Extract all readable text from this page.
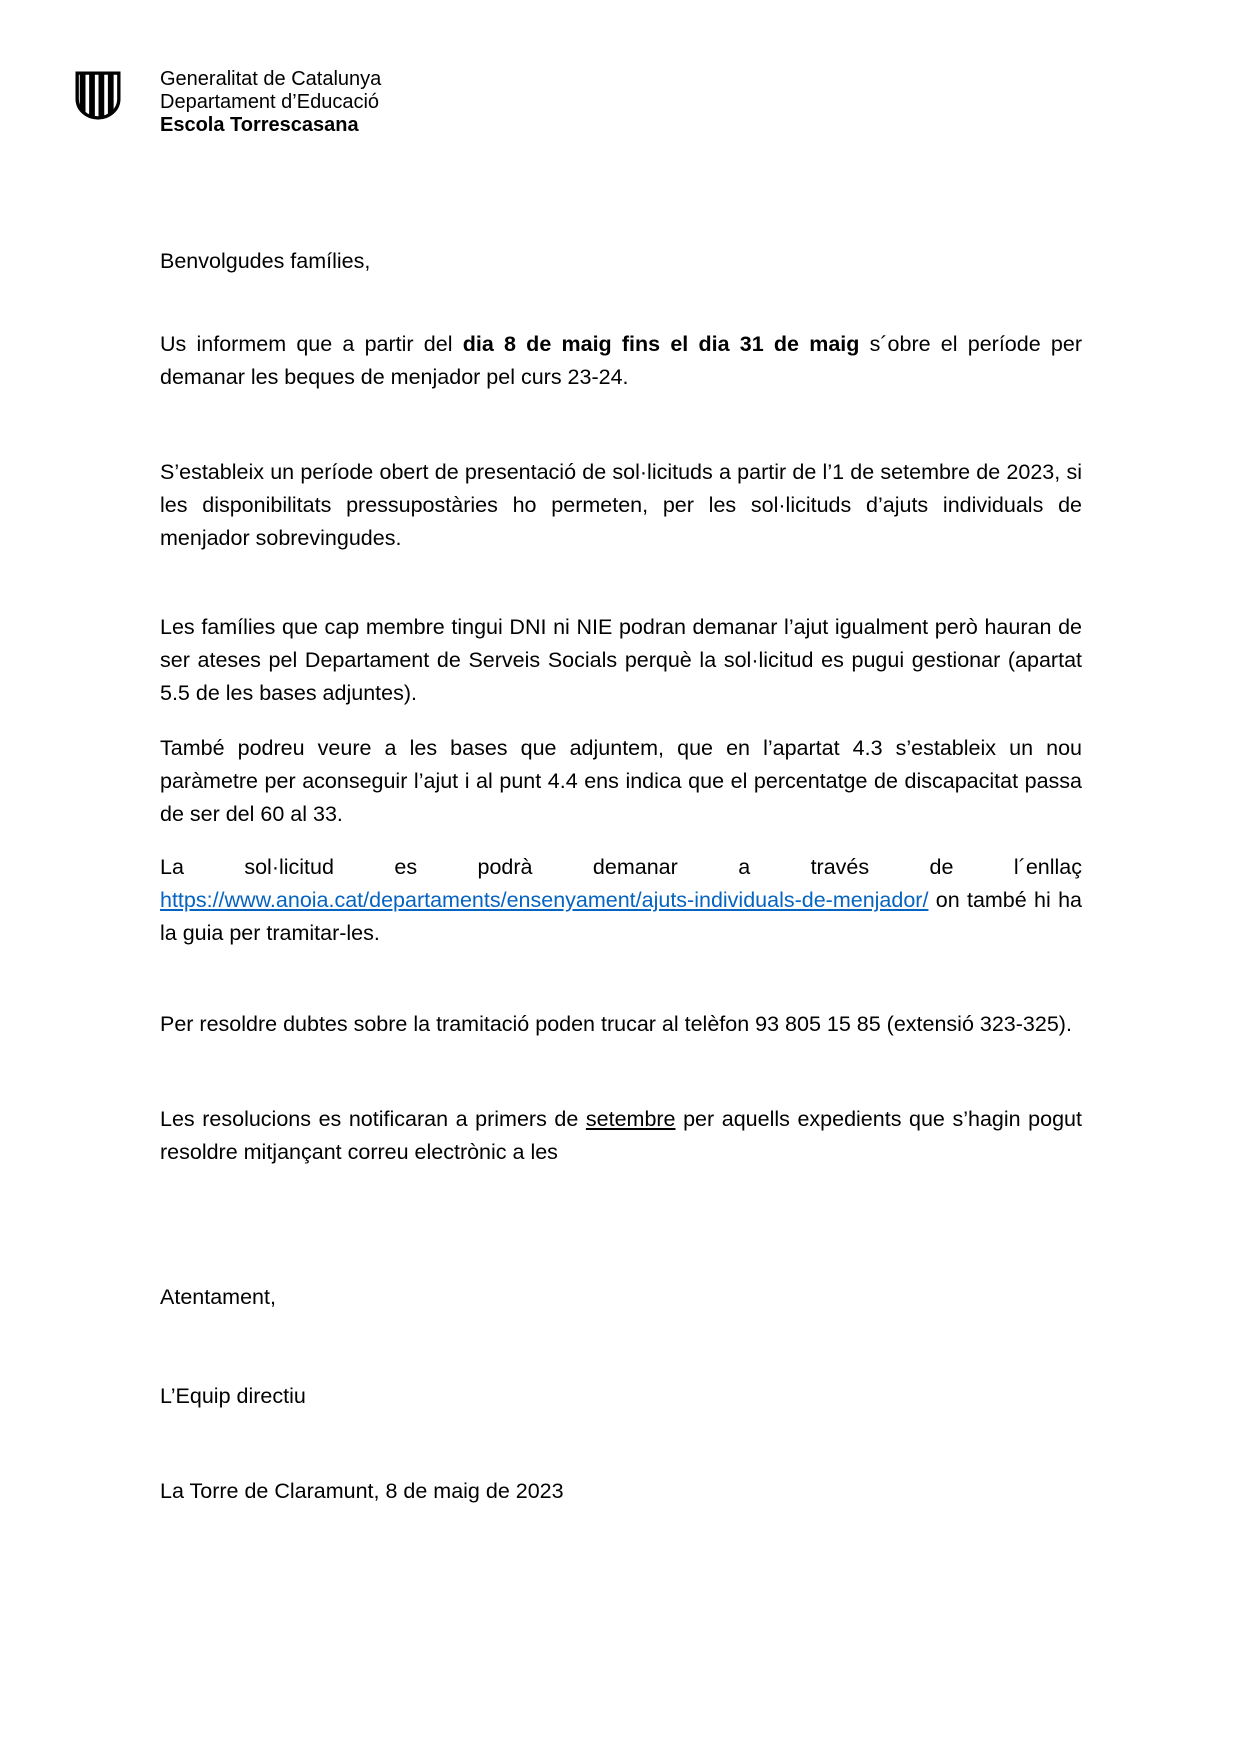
Generalitat de Catalunya
Departament d’Educació
Escola Torrescasana

Benvolgudes famílies,

Us informem que a partir del dia 8 de maig fins el dia 31 de maig s´obre el període per demanar les beques de menjador pel curs 23-24.

S’estableix un període obert de presentació de sol·licituds a partir de l’1 de setembre de 2023, si les disponibilitats pressupostàries ho permeten, per les sol·licituds d’ajuts individuals de menjador sobrevingudes.

Les famílies que cap membre tingui DNI ni NIE podran demanar l’ajut igualment però hauran de ser ateses pel Departament de Serveis Socials perquè la sol·licitud es pugui gestionar (apartat 5.5 de les bases adjuntes).

També podreu veure a les bases que adjuntem, que en l’apartat 4.3 s’estableix un nou paràmetre per aconseguir l’ajut i al punt 4.4 ens indica que el percentatge de discapacitat passa de ser del 60 al 33.

La sol·licitud es podrà demanar a través de l´enllaç https://www.anoia.cat/departaments/ensenyament/ajuts-individuals-de-menjador/ on també hi ha la guia per tramitar-les.

Per resoldre dubtes sobre la tramitació poden trucar al telèfon 93 805 15 85 (extensió 323-325).

Les resolucions es notificaran a primers de setembre per aquells expedients que s’hagin pogut resoldre mitjançant correu electrònic a les

Atentament,

L’Equip directiu

La Torre de Claramunt, 8 de maig de 2023
